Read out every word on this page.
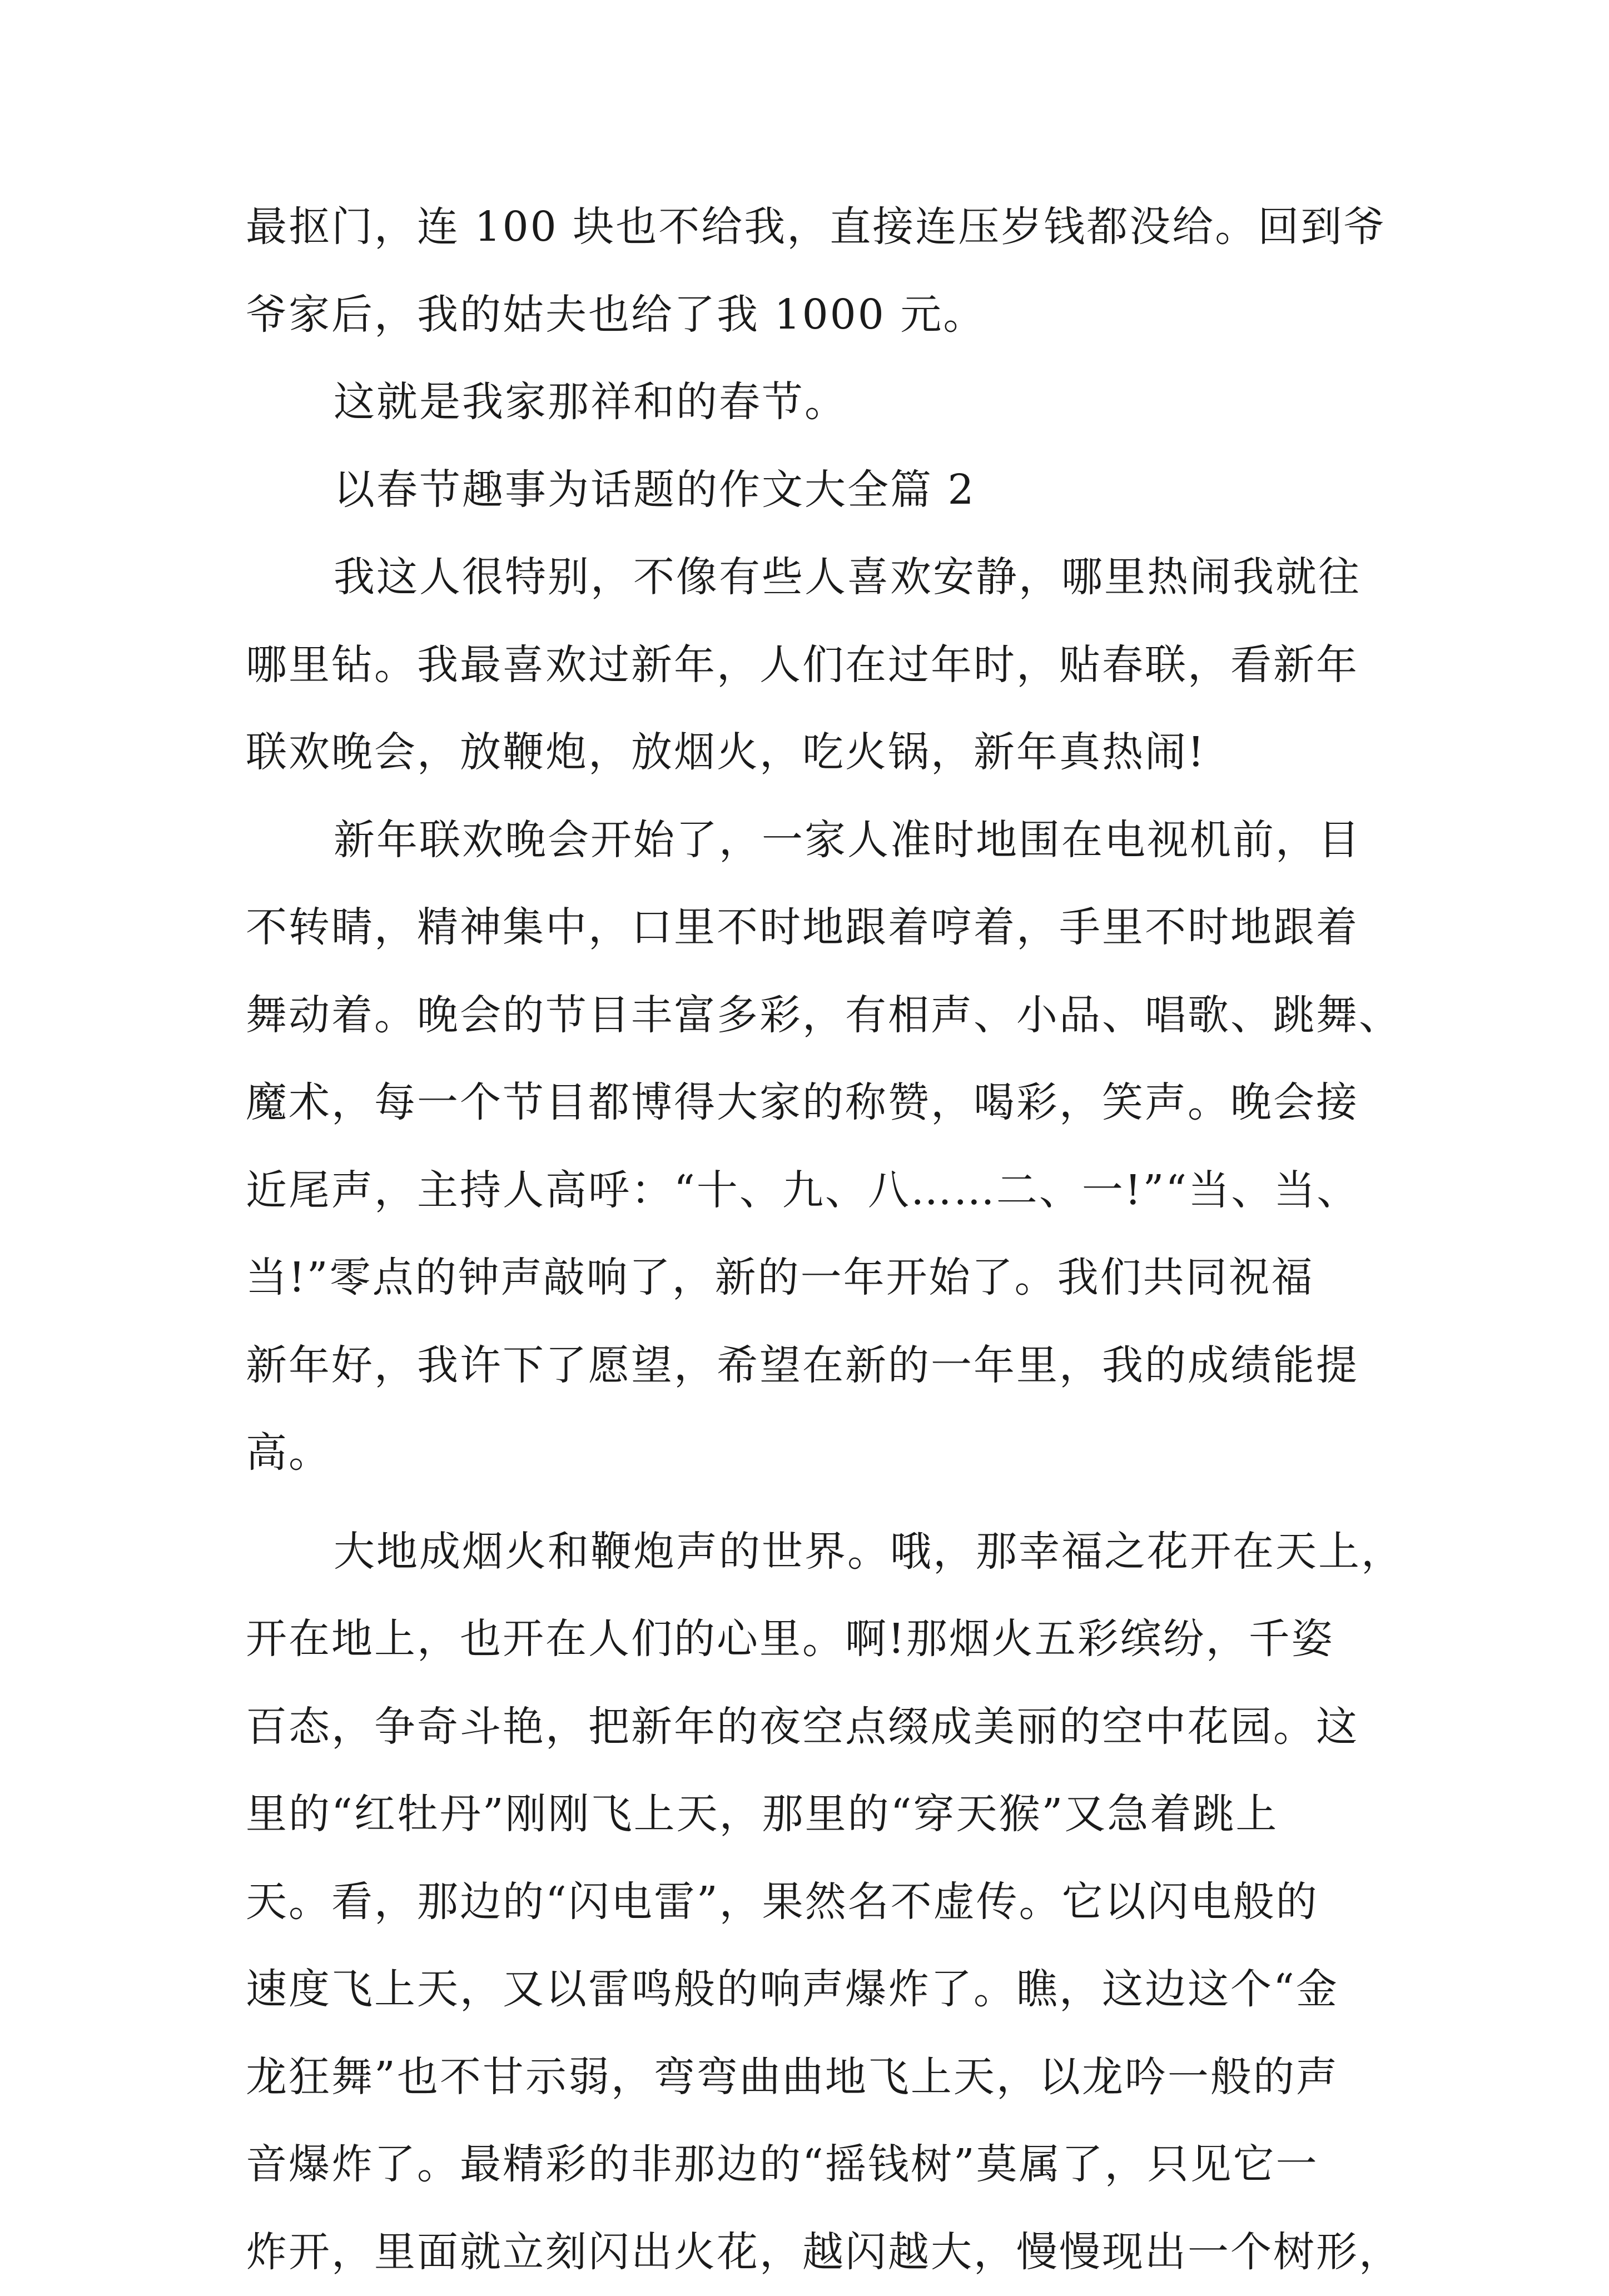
最抠门，连 100 块也不给我，直接连压岁钱都没给。回到爷
爷家后，我的姑夫也给了我 1000 元。
这就是我家那祥和的春节。
以春节趣事为话题的作文大全篇 2
我这人很特别，不像有些人喜欢安静，哪里热闹我就往
哪里钻。我最喜欢过新年，人们在过年时，贴春联，看新年
联欢晚会，放鞭炮，放烟火，吃火锅，新年真热闹!
新年联欢晚会开始了，一家人准时地围在电视机前，目
不转睛，精神集中，口里不时地跟着哼着，手里不时地跟着
舞动着。晚会的节目丰富多彩，有相声、小品、唱歌、跳舞、
魔术，每一个节目都博得大家的称赞，喝彩，笑声。晚会接
近尾声，主持人高呼：“十、九、八……二、一!”“当、当、
当!”零点的钟声敲响了，新的一年开始了。我们共同祝福
新年好，我许下了愿望，希望在新的一年里，我的成绩能提
高。
大地成烟火和鞭炮声的世界。哦，那幸福之花开在天上，
开在地上，也开在人们的心里。啊!那烟火五彩缤纷，千姿
百态，争奇斗艳，把新年的夜空点缀成美丽的空中花园。这
里的“红牡丹”刚刚飞上天，那里的“穿天猴”又急着跳上
天。看，那边的“闪电雷”，果然名不虚传。它以闪电般的
速度飞上天，又以雷鸣般的响声爆炸了。瞧，这边这个“金
龙狂舞”也不甘示弱，弯弯曲曲地飞上天，以龙吟一般的声
音爆炸了。最精彩的非那边的“摇钱树”莫属了，只见它一
炸开，里面就立刻闪出火花，越闪越大，慢慢现出一个树形，
